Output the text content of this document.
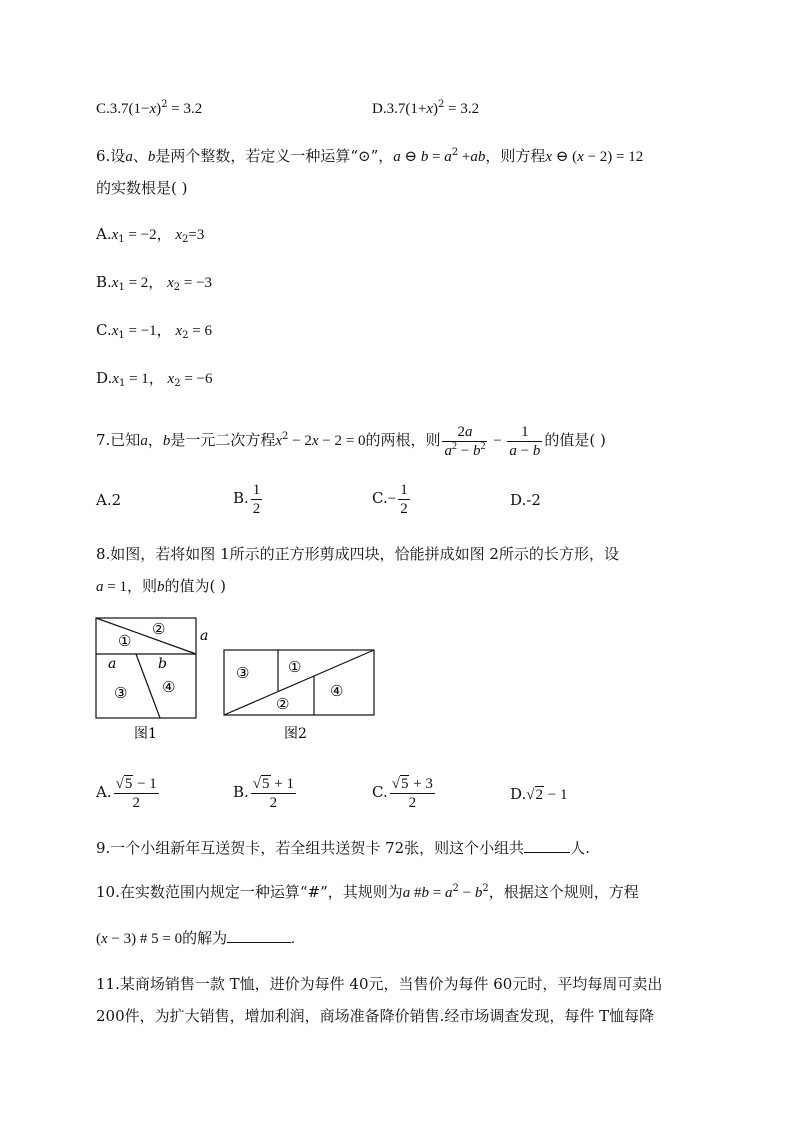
$C.3.7(1-x)^2 = 3.2$	$D.3.7(1+x)^2 = 3.2$
6.设a、b是两个整数，若定义一种运算“⊙”，a ⊖ $b = a^2 +ab$，则方程x ⊖ (x − 2) = 12
的实数根是( )
$A.x_1 = -2$， $x_2=3$
$B.x_1 = 2$， $x_2 = -3$
$C.x_1 = -1$， $x_2 = 6$
$D.x_1 = 1$， $x_2 = -6$
7.已知a，b是一元二次方程$x^2 - 2x - 2 = 0$的两根，则 $\frac{2a}{a^2 - b^2} - \frac{1}{a - b}$ 的值是( )
A.2	B. $\frac{1}{2}$	$C.- \frac{1}{2}$	D.-2
8.如图，若将如图 1所示的正方形剪成四块，恰能拼成如图 2所示的长方形，设
a = 1，则b的值为( )
①
②
③ ④
a
a	b
图1
③	①
②
④
图2
A. $\frac{√5 - 1}{2}$	B. $\frac{√5 + 1}{2}$	C. $\frac{√5 + 3}{2}$	D.√2 − 1
9.一个小组新年互送贺卡，若全组共送贺卡 72张，则这个小组共	人.
10.在实数范围内规定一种运算“#”，其规则为a #b = $a^2 - b^2$，根据这个规则，方程
(x − 3) # 5 = 0的解为	.
11.某商场销售一款 T恤，进价为每件 40元，当售价为每件 60元时，平均每周可卖出
200件，为扩大销售，增加利润，商场准备降价销售.经市场调查发现，每件 T恤每降
